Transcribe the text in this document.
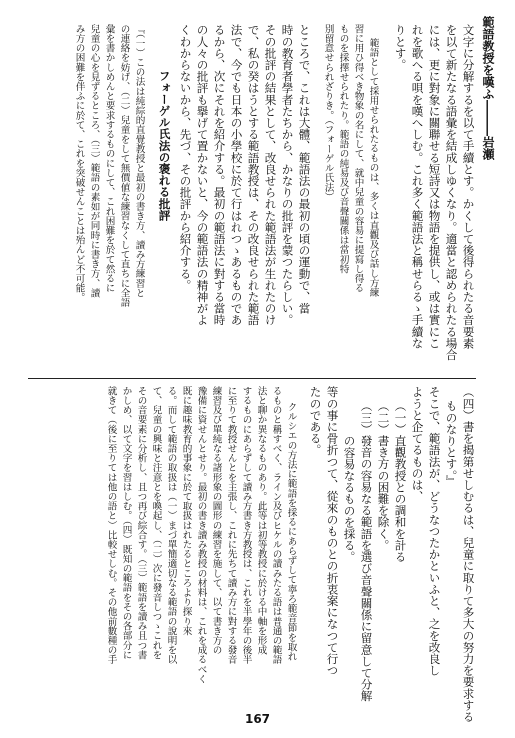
範語教授を嘆ふ―――岩瀬
文字に分解するを以て手續とす。かくして後得られたる音要素
を以て新たなる語彙を結成しゆくなり。適當と認められたる場合
には、更に對象に關聯せる短詩又は物語を提供し、或は實にこ
れを歌へる唄を嘆へしむ。これ多く範語法と稱せらるゝ手續な
りとす。
範語として採用せられたるものは、多くは直觀及び話し方練
習に用ひ得べき物象の名にして、就中兒童の容易に提寫し得る
ものを採擇せられたり。範語の純易及び音聲關係は當初特
別留意せられざりき。（フォーゲル氏法）
ところで、これは大體、範語法の最初の頃の運動で、當
時の教育者學者たちから、かなりの批評を蒙つたらしい。
その批評の結果として、改良せられた範語法が生れたのけ
で、私の癸はうとする範語教授は、その改良せられた範語
法で、今でも日本の小學校に於て行はれつゝあるものであ
るから、次にそれを紹介する。最初の範語法に對する當時
の人々の批評も擧げて置かないと、今の範語法の精神がよ
くわからないから、先づ、その批評から紹介する。
フォーゲル氏法の褒れる批評
『（一）この法は純綜的直覺教授と最初の書き方、讀み方練習と
の連絡を妨げ、（二）兒童をして無價値な練習なくして直ちに全語
彙を書かしめんと要求するものにして、これ困難を於て然るに
兒童の心を見ずるところ、（三）範語の素如が同時に書き方、讀
み方の困難を伴ふに於て、これを突破せんことは殆んど不可能。
（四）書を揭第せしむるは、兒童に取りて多大の努力を要求する
ものなりとす。』
そこで、範語法が、どうなつたかといふと、之を改良し
ようと企てるものは、
（一）直觀教授との調和を計る
（二）書き方の困難を除く。
（三）發音の容易なる範語を選び音聲關係に留意して分解
の容易なるものを採る。
等の事に骨折つて、從來のものとの折衷案になつて行つ
たのである。
クルシエの方法に範語を採るにあらずして寧ろ範音節を取れ
るものと稱すべく、ライン及びヒケルの讀みたる語は普通の範語
法と聊か異なるものあり。此等は初等教授に於ける中軸を形成
するものにあらずして讀み方書き方教授は、これを半學年の後半
に至りて教授せんとを主張し、これに先ちて讀み方に對する發音
練習及び單純なる諸形象の圖形の練習を施して、以て書き方の
豫備に資せんとせり。最初の書き讀み教授の材料は、これを成るべく
既に趣味教育的事象に於て取扱はれたるところより探り來
る。而して範語の取扱は（一）まづ單簡適切なる範語の說明を以
て、兒童の興味と注意とを喚起し、（二）次に發音しつゝこれを
その音要素に分析し、且つ再び綜合す。（三）範語を讀み且つ書
かしめ、以て文字を習はしむ。（四）既知の範語をその各部分に
就きて（後に至りては他の語と）比較せしむ。その他前數種の手
167
